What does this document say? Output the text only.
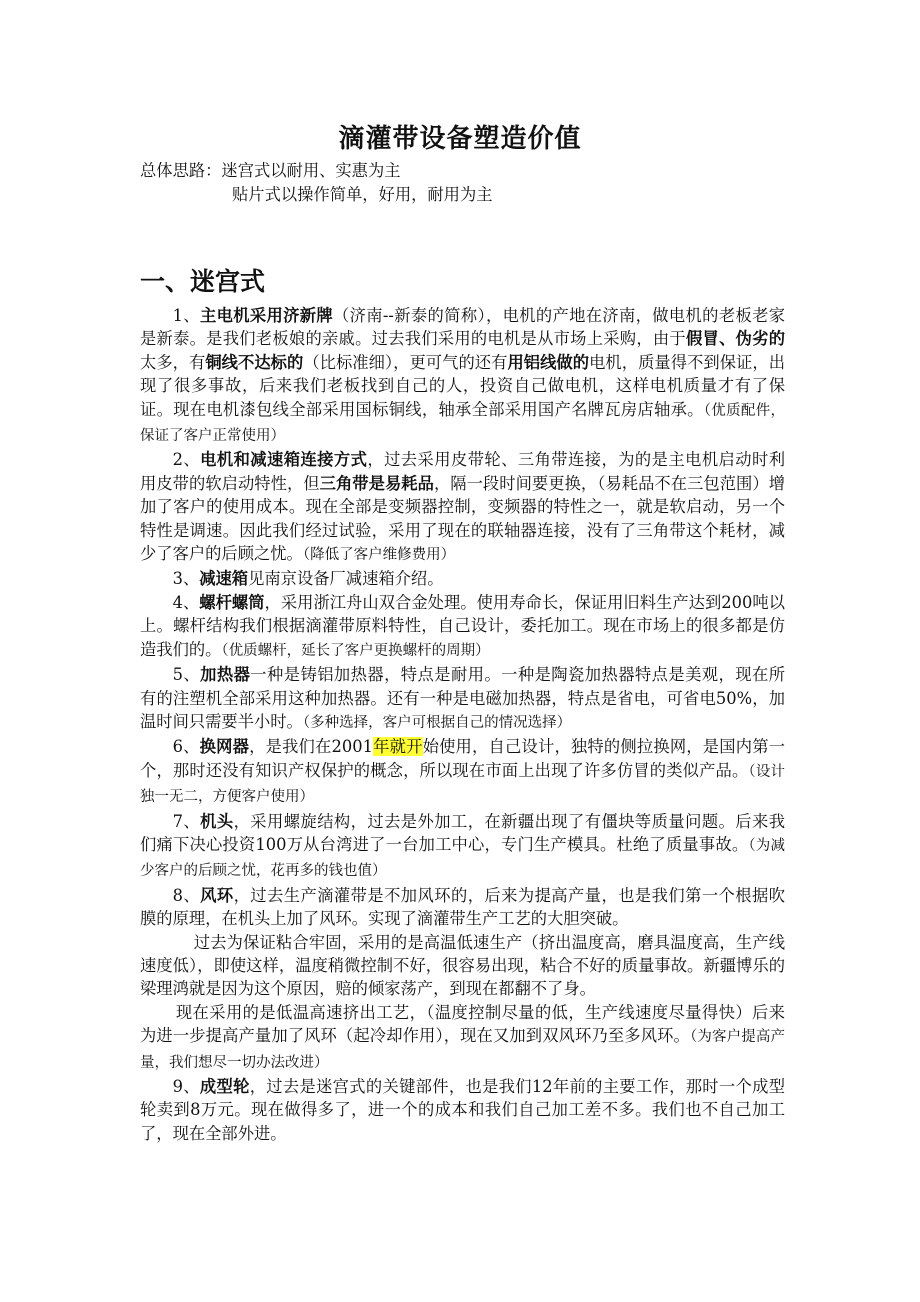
滴灌带设备塑造价值
总体思路：迷宫式以耐用、实惠为主
贴片式以操作简单，好用，耐用为主
一、迷宫式

1、主电机采用济新牌（济南--新泰的简称），电机的产地在济南，做电机的老板老家是新泰。是我们老板娘的亲戚。过去我们采用的电机是从市场上采购，由于假冒、伪劣的太多，有铜线不达标的（比标准细），更可气的还有用铝线做的电机，质量得不到保证，出现了很多事故，后来我们老板找到自己的人，投资自己做电机，这样电机质量才有了保证。现在电机漆包线全部采用国标铜线，轴承全部采用国产名牌瓦房店轴承。（优质配件，保证了客户正常使用）

2、电机和减速箱连接方式，过去采用皮带轮、三角带连接，为的是主电机启动时利用皮带的软启动特性，但三角带是易耗品，隔一段时间要更换，（易耗品不在三包范围）增加了客户的使用成本。现在全部是变频器控制，变频器的特性之一，就是软启动，另一个特性是调速。因此我们经过试验，采用了现在的联轴器连接，没有了三角带这个耗材，减少了客户的后顾之忧。（降低了客户维修费用）

3、减速箱见南京设备厂减速箱介绍。

4、螺杆螺筒，采用浙江舟山双合金处理。使用寿命长，保证用旧料生产达到200吨以上。螺杆结构我们根据滴灌带原料特性，自己设计，委托加工。现在市场上的很多都是仿造我们的。（优质螺杆，延长了客户更换螺杆的周期）

5、加热器一种是铸铝加热器，特点是耐用。一种是陶瓷加热器特点是美观，现在所有的注塑机全部采用这种加热器。还有一种是电磁加热器，特点是省电，可省电50%，加温时间只需要半小时。（多种选择，客户可根据自己的情况选择）

6、换网器，是我们在2001年就开始使用，自己设计，独特的侧拉换网，是国内第一个，那时还没有知识产权保护的概念，所以现在市面上出现了许多仿冒的类似产品。（设计独一无二，方便客户使用）

7、机头，采用螺旋结构，过去是外加工，在新疆出现了有僵块等质量问题。后来我们痛下决心投资100万从台湾进了一台加工中心，专门生产模具。杜绝了质量事故。（为减少客户的后顾之忧，花再多的钱也值）

8、风环，过去生产滴灌带是不加风环的，后来为提高产量，也是我们第一个根据吹膜的原理，在机头上加了风环。实现了滴灌带生产工艺的大胆突破。

过去为保证粘合牢固，采用的是高温低速生产（挤出温度高，磨具温度高，生产线速度低），即使这样，温度稍微控制不好，很容易出现，粘合不好的质量事故。新疆博乐的梁理鸿就是因为这个原因，赔的倾家荡产，到现在都翻不了身。

现在采用的是低温高速挤出工艺，（温度控制尽量的低，生产线速度尽量得快）后来为进一步提高产量加了风环（起冷却作用），现在又加到双风环乃至多风环。（为客户提高产量，我们想尽一切办法改进）

9、成型轮，过去是迷宫式的关键部件，也是我们12年前的主要工作，那时一个成型轮卖到8万元。现在做得多了，进一个的成本和我们自己加工差不多。我们也不自己加工了，现在全部外进。
